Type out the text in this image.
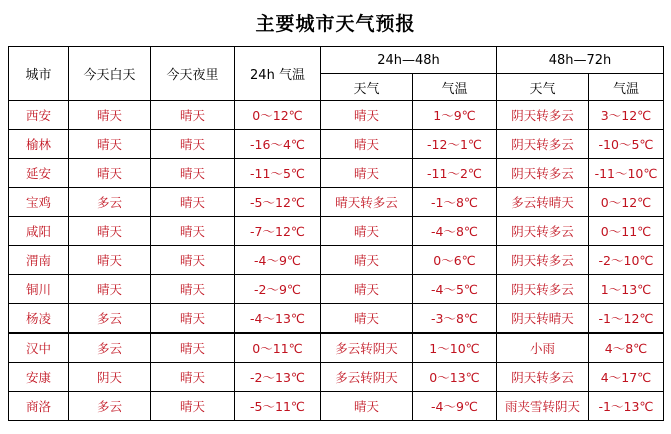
主要城市天气预报
城市	今天白天	今天夜里	24h 气温	24h—48h		48h—72h	
				天气	气温	天气	气温
西安	晴天	晴天	0～12℃	晴天	1～9℃	阴天转多云	3～12℃
榆林	晴天	晴天	-16～4℃	晴天	-12～1℃	阴天转多云	-10～5℃
延安	晴天	晴天	-11～5℃	晴天	-11～2℃	阴天转多云	-11～10℃
宝鸡	多云	晴天	-5～12℃	晴天转多云	-1～8℃	多云转晴天	0～12℃
咸阳	晴天	晴天	-7～12℃	晴天	-4～8℃	阴天转多云	0～11℃
渭南	晴天	晴天	-4～9℃	晴天	0～6℃	阴天转多云	-2～10℃
铜川	晴天	晴天	-2～9℃	晴天	-4～5℃	阴天转多云	1～13℃
杨凌	多云	晴天	-4～13℃	晴天	-3～8℃	阴天转晴天	-1～12℃
汉中	多云	晴天	0～11℃	多云转阴天	1～10℃	小雨	4～8℃
安康	阴天	晴天	-2～13℃	多云转阴天	0～13℃	阴天转多云	4～17℃
商洛	多云	晴天	-5～11℃	晴天	-4～9℃	雨夹雪转阴天	-1～13℃
